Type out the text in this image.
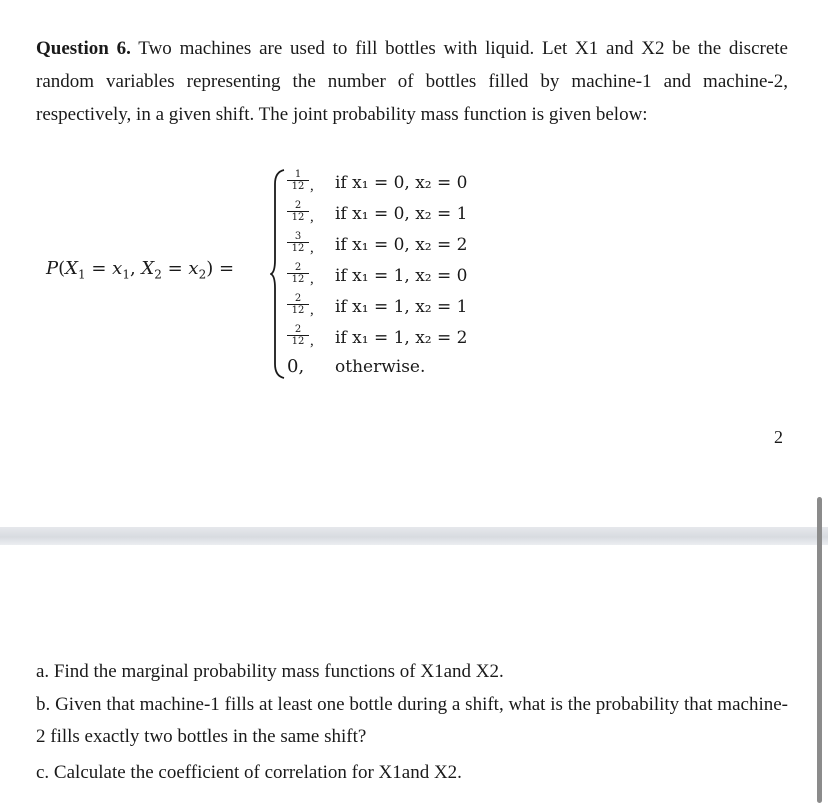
Question 6. Two machines are used to fill bottles with liquid. Let X1 and X2 be the discrete random variables representing the number of bottles filled by machine-1 and machine-2, respectively, in a given shift. The joint probability mass function is given below:

$P(X_1 = x_1$, $X_2 = x_2$) =
$\frac{1}{12}$ , if x₁ = 0, x₂ = 0
$\frac{2}{12}$ , if x₁ = 0, x₂ = 1
$\frac{3}{12}$ , if x₁ = 0, x₂ = 2
$\frac{2}{12}$ , if x₁ = 1, x₂ = 0
$\frac{2}{12}$ , if x₁ = 1, x₂ = 1
$\frac{2}{12}$ , if x₁ = 1, x₂ = 2
0, otherwise.
2
a. Find the marginal probability mass functions of X1and X2.
b. Given that machine-1 fills at least one bottle during a shift, what is the probability that machine-2 fills exactly two bottles in the same shift?
c. Calculate the coefficient of correlation for X1and X2.
